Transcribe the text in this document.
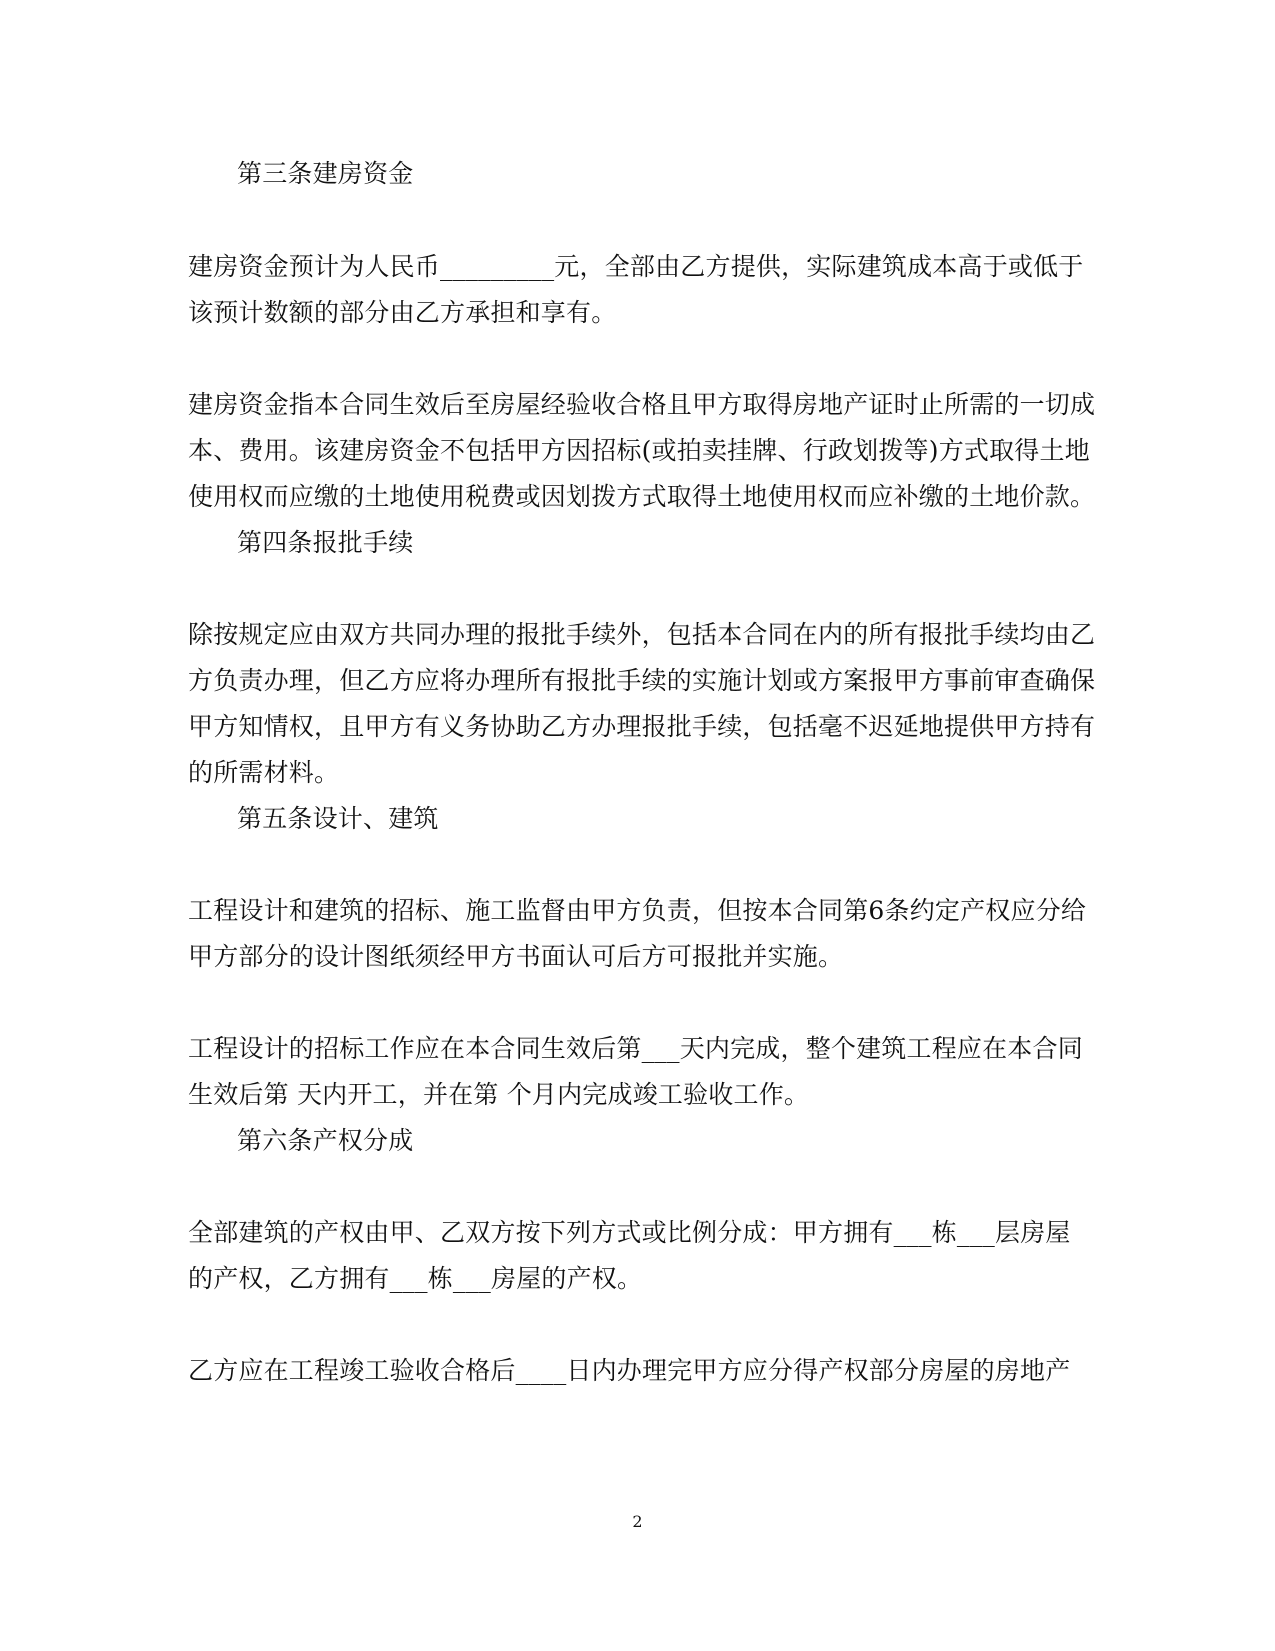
第三条建房资金
建房资金预计为人民币_________元，全部由乙方提供，实际建筑成本高于或低于
该预计数额的部分由乙方承担和享有。
建房资金指本合同生效后至房屋经验收合格且甲方取得房地产证时止所需的一切成
本、费用。该建房资金不包括甲方因招标(或拍卖挂牌、行政划拨等)方式取得土地
使用权而应缴的土地使用税费或因划拨方式取得土地使用权而应补缴的土地价款。
第四条报批手续
除按规定应由双方共同办理的报批手续外，包括本合同在内的所有报批手续均由乙
方负责办理，但乙方应将办理所有报批手续的实施计划或方案报甲方事前审查确保
甲方知情权，且甲方有义务协助乙方办理报批手续，包括毫不迟延地提供甲方持有
的所需材料。
第五条设计、建筑
工程设计和建筑的招标、施工监督由甲方负责，但按本合同第6条约定产权应分给
甲方部分的设计图纸须经甲方书面认可后方可报批并实施。
工程设计的招标工作应在本合同生效后第___天内完成，整个建筑工程应在本合同
生效后第 天内开工，并在第 个月内完成竣工验收工作。
第六条产权分成
全部建筑的产权由甲、乙双方按下列方式或比例分成：甲方拥有___栋___层房屋
的产权，乙方拥有___栋___房屋的产权。
乙方应在工程竣工验收合格后____日内办理完甲方应分得产权部分房屋的房地产
2
